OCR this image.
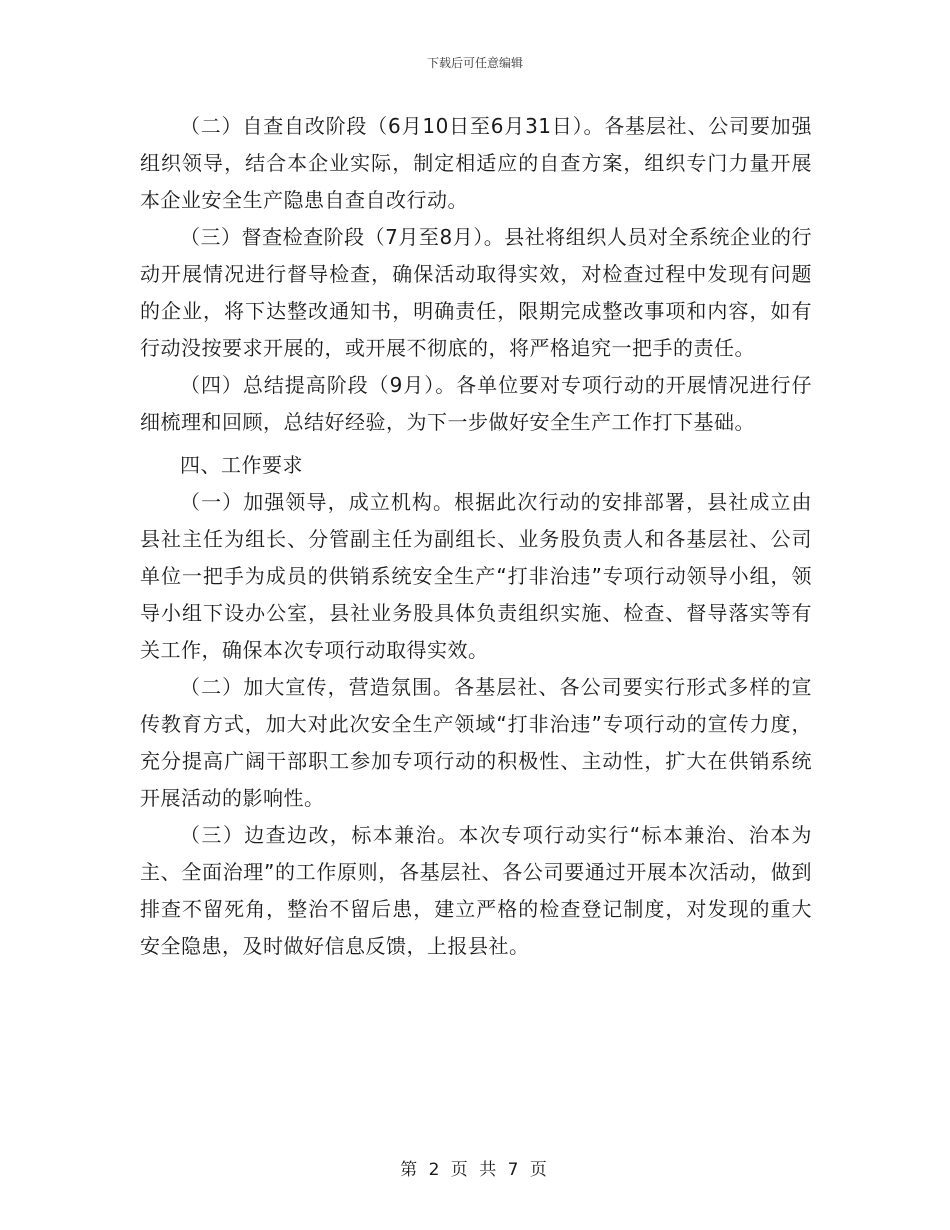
下载后可任意编辑

（二）自查自改阶段（6月10日至6月31日）。各基层社、公司要加强组织领导，结合本企业实际，制定相适应的自查方案，组织专门力量开展本企业安全生产隐患自查自改行动。

（三）督查检查阶段（7月至8月）。县社将组织人员对全系统企业的行动开展情况进行督导检查，确保活动取得实效，对检查过程中发现有问题的企业，将下达整改通知书，明确责任，限期完成整改事项和内容，如有行动没按要求开展的，或开展不彻底的，将严格追究一把手的责任。

（四）总结提高阶段（9月）。各单位要对专项行动的开展情况进行仔细梳理和回顾，总结好经验，为下一步做好安全生产工作打下基础。

四、工作要求

（一）加强领导，成立机构。根据此次行动的安排部署，县社成立由县社主任为组长、分管副主任为副组长、业务股负责人和各基层社、公司单位一把手为成员的供销系统安全生产“打非治违”专项行动领导小组，领导小组下设办公室，县社业务股具体负责组织实施、检查、督导落实等有关工作，确保本次专项行动取得实效。

（二）加大宣传，营造氛围。各基层社、各公司要实行形式多样的宣传教育方式，加大对此次安全生产领域“打非治违”专项行动的宣传力度，充分提高广阔干部职工参加专项行动的积极性、主动性，扩大在供销系统开展活动的影响性。

（三）边查边改，标本兼治。本次专项行动实行“标本兼治、治本为主、全面治理”的工作原则，各基层社、各公司要通过开展本次活动，做到排查不留死角，整治不留后患，建立严格的检查登记制度，对发现的重大安全隐患，及时做好信息反馈，上报县社。

第 2 页 共 7 页
